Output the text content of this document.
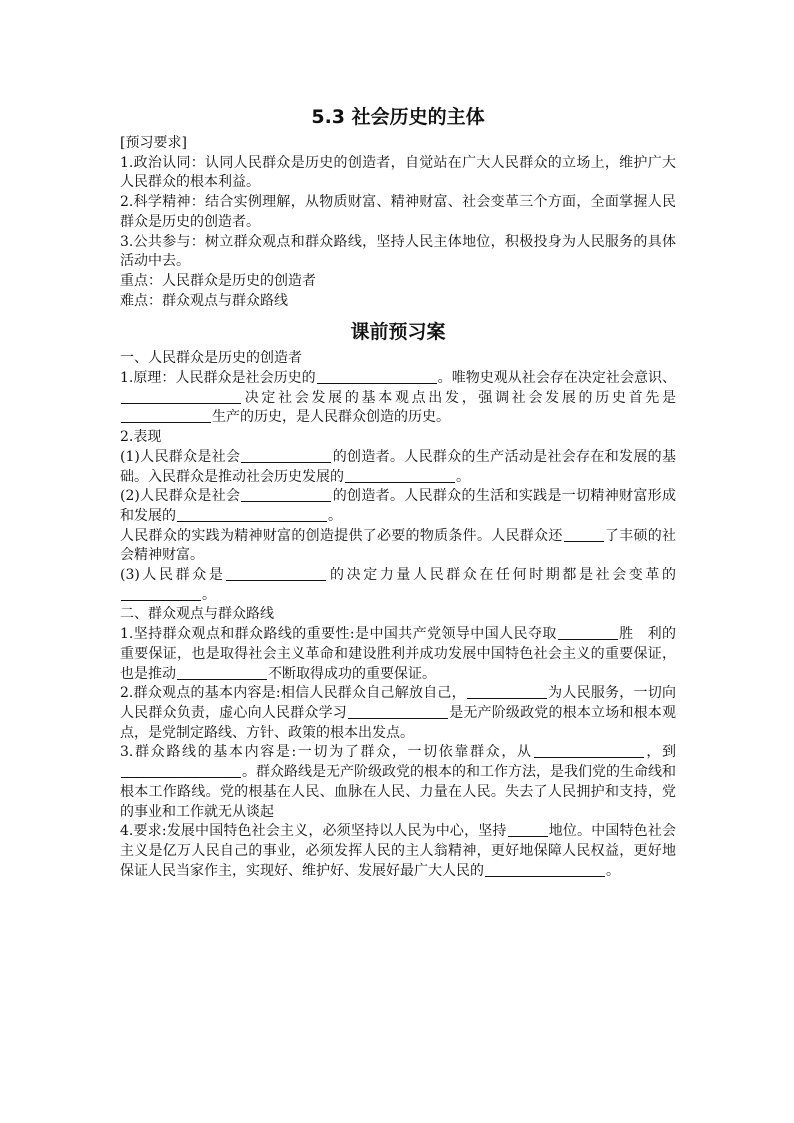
5.3 社会历史的主体

[预习要求]

1.政治认同：认同人民群众是历史的创造者，自觉站在广大人民群众的立场上，维护广大人民群众的根本利益。

2.科学精神：结合实例理解，从物质财富、精神财富、社会变革三个方面，全面掌握人民群众是历史的创造者。

3.公共参与：树立群众观点和群众路线，坚持人民主体地位，积极投身为人民服务的具体活动中去。

重点：人民群众是历史的创造者

难点：群众观点与群众路线

课前预习案

一、人民群众是历史的创造者

1.原理：人民群众是社会历史的	。唯物史观从社会存在决定社会意识、决定社会发展的基本观点出发，强调社会发展的历史首先是生产的历史，是人民群众创造的历史。

2.表现

(1)人民群众是社会	的创造者。人民群众的生产活动是社会存在和发展的基础。入民群众是推动社会历史发展的	。

(2)人民群众是社会	的创造者。人民群众的生活和实践是一切精神财富形成和发展的	。

人民群众的实践为精神财富的创造提供了必要的物质条件。人民群众还	了丰硕的社会精神财富。

(3)人民群众是	的决定力量人民群众在任何时期都是社会变革的。

二、群众观点与群众路线

1.坚持群众观点和群众路线的重要性:是中国共产党领导中国人民夺取	胜 利的重要保证，也是取得社会主义革命和建设胜利并成功发展中国特色社会主义的重要保证，也是推动	不断取得成功的重要保证。

2.群众观点的基本内容是:相信人民群众自己解放自己，	为人民服务，一切向人民群众负责，虚心向人民群众学习	是无产阶级政党的根本立场和根本观点，是党制定路线、方针、政策的根本出发点。

3.群众路线的基本内容是:一切为了群众，一切依靠群众，从	，到。群众路线是无产阶级政党的根本的和工作方法，是我们党的生命线和根本工作路线。党的根基在人民、血脉在人民、力量在人民。失去了人民拥护和支持，党的事业和工作就无从谈起

4.要求:发展中国特色社会主义，必须坚持以人民为中心，坚持	地位。中国特色社会主义是亿万人民自己的事业，必须发挥人民的主人翁精神，更好地保障人民权益，更好地保证人民当家作主，实现好、维护好、发展好最广大人民的	。
